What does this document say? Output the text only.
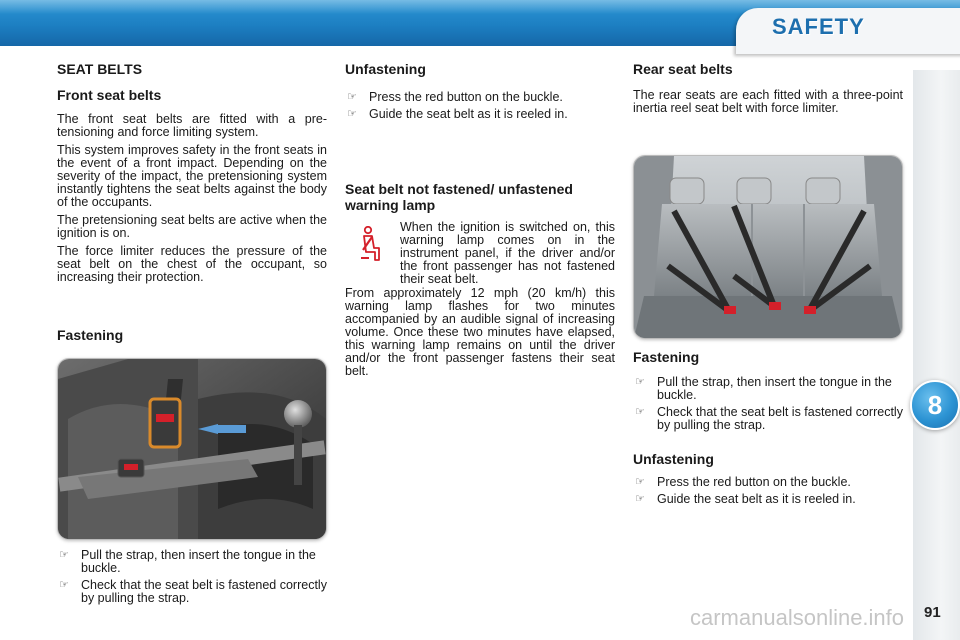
SAFETY
8
91
SEAT BELTS
Front seat belts
The front seat belts are fitted with a pre-tensioning and force limiting system.
This system improves safety in the front seats in the event of a front impact. Depending on the severity of the impact, the pretensioning system instantly tightens the seat belts against the body of the occupants.
The pretensioning seat belts are active when the ignition is on.
The force limiter reduces the pressure of the seat belt on the chest of the occupant, so increasing their protection.
Fastening
☞ Pull the strap, then insert the tongue in the buckle.
☞ Check that the seat belt is fastened correctly by pulling the strap.
Unfastening
☞ Press the red button on the buckle.
☞ Guide the seat belt as it is reeled in.
Seat belt not fastened/ unfastened warning lamp
When the ignition is switched on, this warning lamp comes on in the instrument panel, if the driver and/or the front passenger has not fastened their seat belt.
From approximately 12 mph (20 km/h) this warning lamp flashes for two minutes accompanied by an audible signal of increasing volume. Once these two minutes have elapsed, this warning lamp remains on until the driver and/or the front passenger fastens their seat belt.
Rear seat belts
The rear seats are each fitted with a three-point inertia reel seat belt with force limiter.
Fastening
☞ Pull the strap, then insert the tongue in the buckle.
☞ Check that the seat belt is fastened correctly by pulling the strap.
Unfastening
☞ Press the red button on the buckle.
☞ Guide the seat belt as it is reeled in.
carmanualsonline.info
